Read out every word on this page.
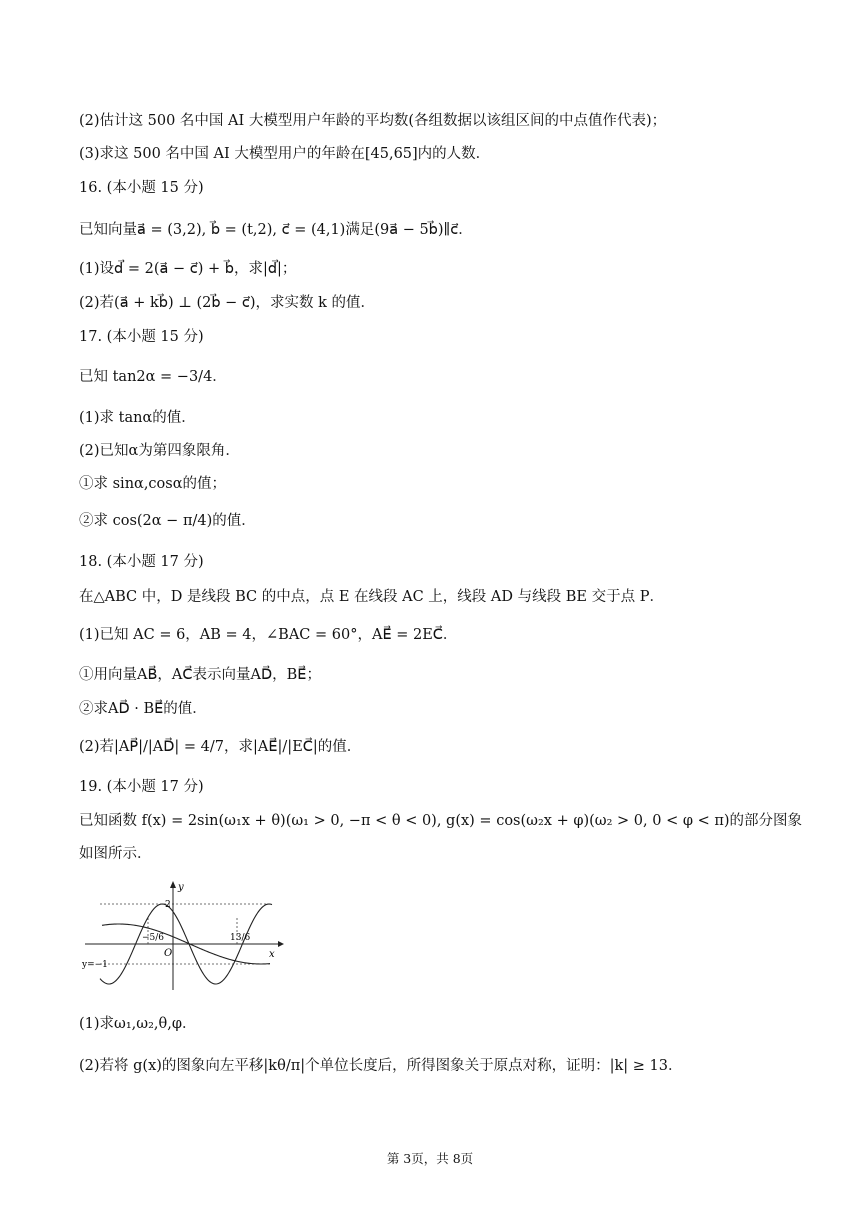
(2)估计这 500 名中国 AI 大模型用户年龄的平均数(各组数据以该组区间的中点值作代表)；
(3)求这 500 名中国 AI 大模型用户的年龄在[45,65]内的人数．
16. (本小题 15 分)
已知向量a⃗ = (3,2), b⃗ = (t,2), c⃗ = (4,1)满足(9a⃗ − 5b⃗)∥c⃗．
(1)设d⃗ = 2(a⃗ − c⃗) + b⃗，求|d⃗|；
(2)若(a⃗ + kb⃗) ⊥ (2b⃗ − c⃗)，求实数 k 的值．
17. (本小题 15 分)
已知 tan2α = −3/4．
(1)求 tanα的值．
(2)已知α为第四象限角．
①求 sinα,cosα的值；
②求 cos(2α − π/4)的值．
18. (本小题 17 分)
在△ABC 中，D 是线段 BC 的中点，点 E 在线段 AC 上，线段 AD 与线段 BE 交于点 P．
(1)已知 AC = 6，AB = 4，∠BAC = 60°，AE⃗ = 2EC⃗．
①用向量AB⃗，AC⃗表示向量AD⃗，BE⃗；
②求AD⃗ · BE⃗的值．
(2)若|AP⃗|/|AD⃗| = 4/7，求|AE⃗|/|EC⃗|的值．
19. (本小题 17 分)
已知函数 f(x) = 2sin(ω₁x + θ)(ω₁ > 0, −π < θ < 0), g(x) = cos(ω₂x + φ)(ω₂ > 0, 0 < φ < π)的部分图象
如图所示．
y
x
O
2
−5/6	13/6
y=−1
(1)求ω₁,ω₂,θ,φ．
(2)若将 g(x)的图象向左平移|kθ/π|个单位长度后，所得图象关于原点对称，证明：|k| ≥ 13．
第 3页，共 8页
